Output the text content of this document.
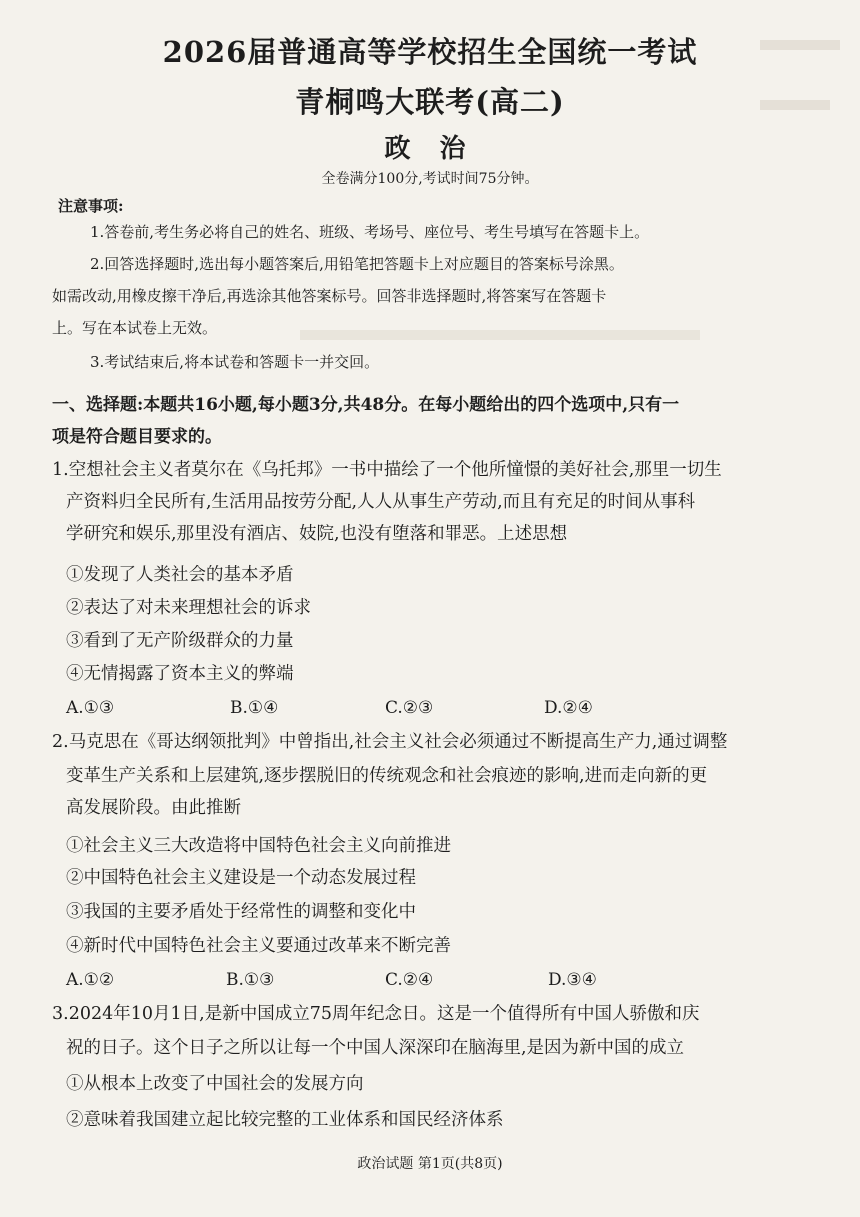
2026届普通高等学校招生全国统一考试
青桐鸣大联考(高二)
政 治
全卷满分100分,考试时间75分钟。
注意事项:
1.答卷前,考生务必将自己的姓名、班级、考场号、座位号、考生号填写在答题卡上。
2.回答选择题时,选出每小题答案后,用铅笔把答题卡上对应题目的答案标号涂黑。
如需改动,用橡皮擦干净后,再选涂其他答案标号。回答非选择题时,将答案写在答题卡
上。写在本试卷上无效。
3.考试结束后,将本试卷和答题卡一并交回。
一、选择题:本题共16小题,每小题3分,共48分。在每小题给出的四个选项中,只有一
项是符合题目要求的。
1.空想社会主义者莫尔在《乌托邦》一书中描绘了一个他所憧憬的美好社会,那里一切生
产资料归全民所有,生活用品按劳分配,人人从事生产劳动,而且有充足的时间从事科
学研究和娱乐,那里没有酒店、妓院,也没有堕落和罪恶。上述思想
①发现了人类社会的基本矛盾
②表达了对未来理想社会的诉求
③看到了无产阶级群众的力量
④无情揭露了资本主义的弊端
A.①③	B.①④	C.②③	D.②④
2.马克思在《哥达纲领批判》中曾指出,社会主义社会必须通过不断提高生产力,通过调整
变革生产关系和上层建筑,逐步摆脱旧的传统观念和社会痕迹的影响,进而走向新的更
高发展阶段。由此推断
①社会主义三大改造将中国特色社会主义向前推进
②中国特色社会主义建设是一个动态发展过程
③我国的主要矛盾处于经常性的调整和变化中
④新时代中国特色社会主义要通过改革来不断完善
A.①②	B.①③	C.②④	D.③④
3.2024年10月1日,是新中国成立75周年纪念日。这是一个值得所有中国人骄傲和庆
祝的日子。这个日子之所以让每一个中国人深深印在脑海里,是因为新中国的成立
①从根本上改变了中国社会的发展方向
②意味着我国建立起比较完整的工业体系和国民经济体系
政治试题 第1页(共8页)
